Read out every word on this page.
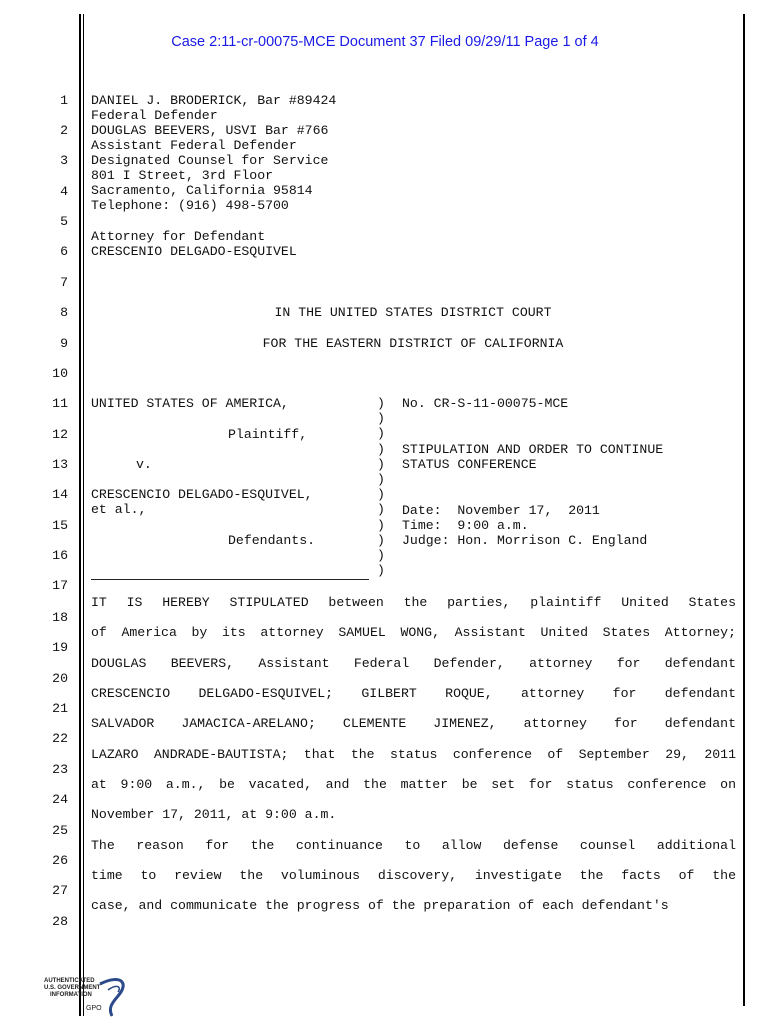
Case 2:11-cr-00075-MCE Document 37 Filed 09/29/11 Page 1 of 4
1
2
3
4
5
6
7
8
9
10
11
12
13
14
15
16
17
18
19
20
21
22
23
24
25
26
27
28
DANIEL J. BRODERICK, Bar #89424
Federal Defender
DOUGLAS BEEVERS, USVI Bar #766
Assistant Federal Defender
Designated Counsel for Service
801 I Street, 3rd Floor
Sacramento, California 95814
Telephone: (916) 498-5700
Attorney for Defendant
CRESCENIO DELGADO-ESQUIVEL
IN THE UNITED STATES DISTRICT COURT
FOR THE EASTERN DISTRICT OF CALIFORNIA
UNITED STATES OF AMERICA,
Plaintiff,
v.
CRESCENCIO DELGADO-ESQUIVEL,
et al.,
Defendants.
)
)
)
)
)
)
)
)
)
)
)
)
No. CR-S-11-00075-MCE
STIPULATION AND ORDER TO CONTINUE
STATUS CONFERENCE
Date:  November 17,  2011
Time:  9:00 a.m.
Judge: Hon. Morrison C. England
IT IS HEREBY STIPULATED between the parties, plaintiff United States
of America by its attorney SAMUEL WONG, Assistant United States Attorney;
DOUGLAS BEEVERS, Assistant Federal Defender, attorney for defendant
CRESCENCIO DELGADO-ESQUIVEL; GILBERT ROQUE, attorney for defendant
SALVADOR JAMACICA-ARELANO; CLEMENTE JIMENEZ, attorney for defendant
LAZARO ANDRADE-BAUTISTA; that the status conference of September 29, 2011
at 9:00 a.m., be vacated, and the matter be set for status conference on
November 17, 2011, at 9:00 a.m.
The reason for the continuance to allow defense counsel additional
time to review the voluminous discovery, investigate the facts of the
case, and communicate the progress of the preparation of each defendant's
AUTHENTICATED
U.S. GOVERNMENT
INFORMATION
GPO
